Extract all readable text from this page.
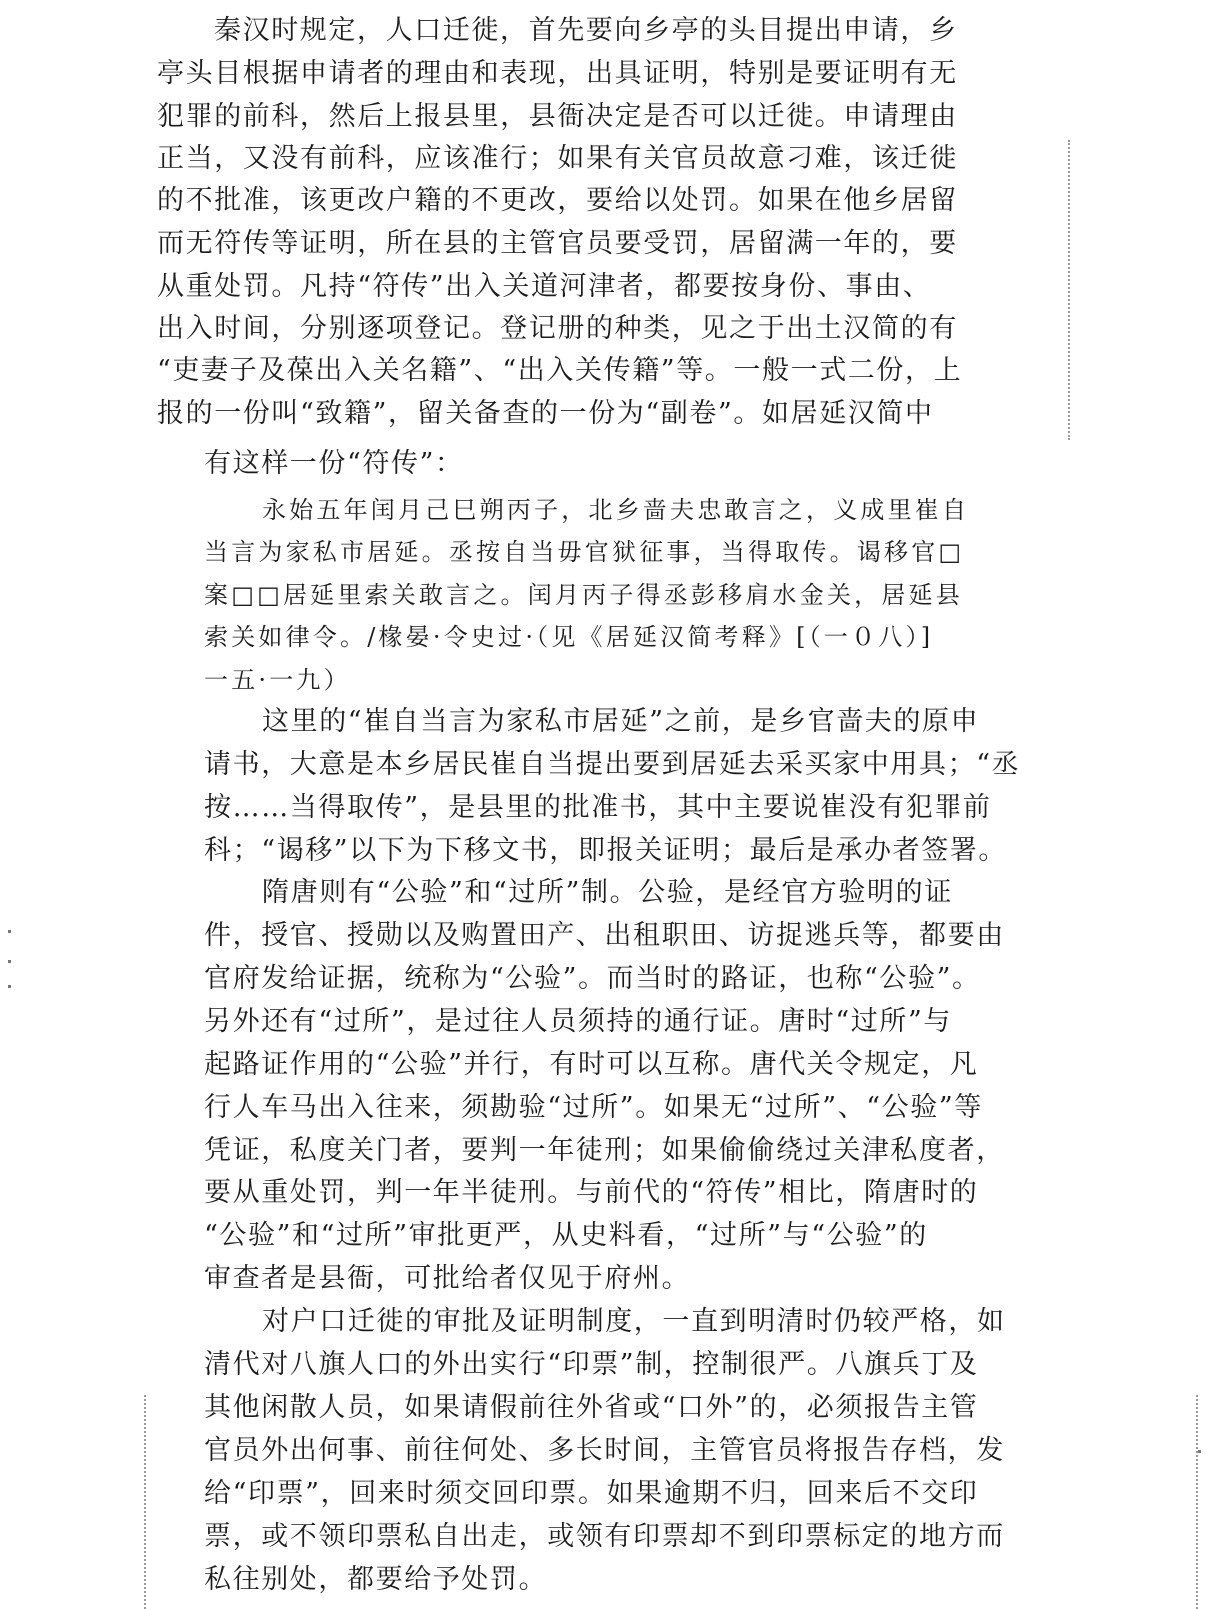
秦汉时规定，人口迁徙，首先要向乡亭的头目提出申请，乡
亭头目根据申请者的理由和表现，出具证明，特别是要证明有无
犯罪的前科，然后上报县里，县衙决定是否可以迁徙。申请理由
正当，又没有前科，应该准行；如果有关官员故意刁难，该迁徙
的不批准，该更改户籍的不更改，要给以处罚。如果在他乡居留
而无符传等证明，所在县的主管官员要受罚，居留满一年的，要
从重处罚。凡持“符传”出入关道河津者，都要按身份、事由、
出入时间，分别逐项登记。登记册的种类，见之于出土汉简的有
“吏妻子及葆出入关名籍”、“出入关传籍”等。一般一式二份，上
报的一份叫“致籍”，留关备查的一份为“副卷”。如居延汉简中
有这样一份“符传”：
永始五年闰月己巳朔丙子，北乡啬夫忠敢言之，义成里崔自
当言为家私市居延。丞按自当毋官狱征事，当得取传。谒移官□
案□□居延里索关敢言之。闰月丙子得丞彭移肩水金关，居延县
索关如律令。/椽晏·令史过·（见《居延汉简考释》[（一０八）]
一五·一九）
这里的“崔自当言为家私市居延”之前，是乡官啬夫的原申
请书，大意是本乡居民崔自当提出要到居延去采买家中用具；“丞
按……当得取传”，是县里的批准书，其中主要说崔没有犯罪前
科；“谒移”以下为下移文书，即报关证明；最后是承办者签署。
隋唐则有“公验”和“过所”制。公验，是经官方验明的证
件，授官、授勋以及购置田产、出租职田、访捉逃兵等，都要由
官府发给证据，统称为“公验”。而当时的路证，也称“公验”。
另外还有“过所”，是过往人员须持的通行证。唐时“过所”与
起路证作用的“公验”并行，有时可以互称。唐代关令规定，凡
行人车马出入往来，须勘验“过所”。如果无“过所”、“公验”等
凭证，私度关门者，要判一年徒刑；如果偷偷绕过关津私度者，
要从重处罚，判一年半徒刑。与前代的“符传”相比，隋唐时的
“公验”和“过所”审批更严，从史料看，“过所”与“公验”的
审查者是县衙，可批给者仅见于府州。
对户口迁徙的审批及证明制度，一直到明清时仍较严格，如
清代对八旗人口的外出实行“印票”制，控制很严。八旗兵丁及
其他闲散人员，如果请假前往外省或“口外”的，必须报告主管
官员外出何事、前往何处、多长时间，主管官员将报告存档，发
给“印票”，回来时须交回印票。如果逾期不归，回来后不交印
票，或不领印票私自出走，或领有印票却不到印票标定的地方而
私往别处，都要给予处罚。
